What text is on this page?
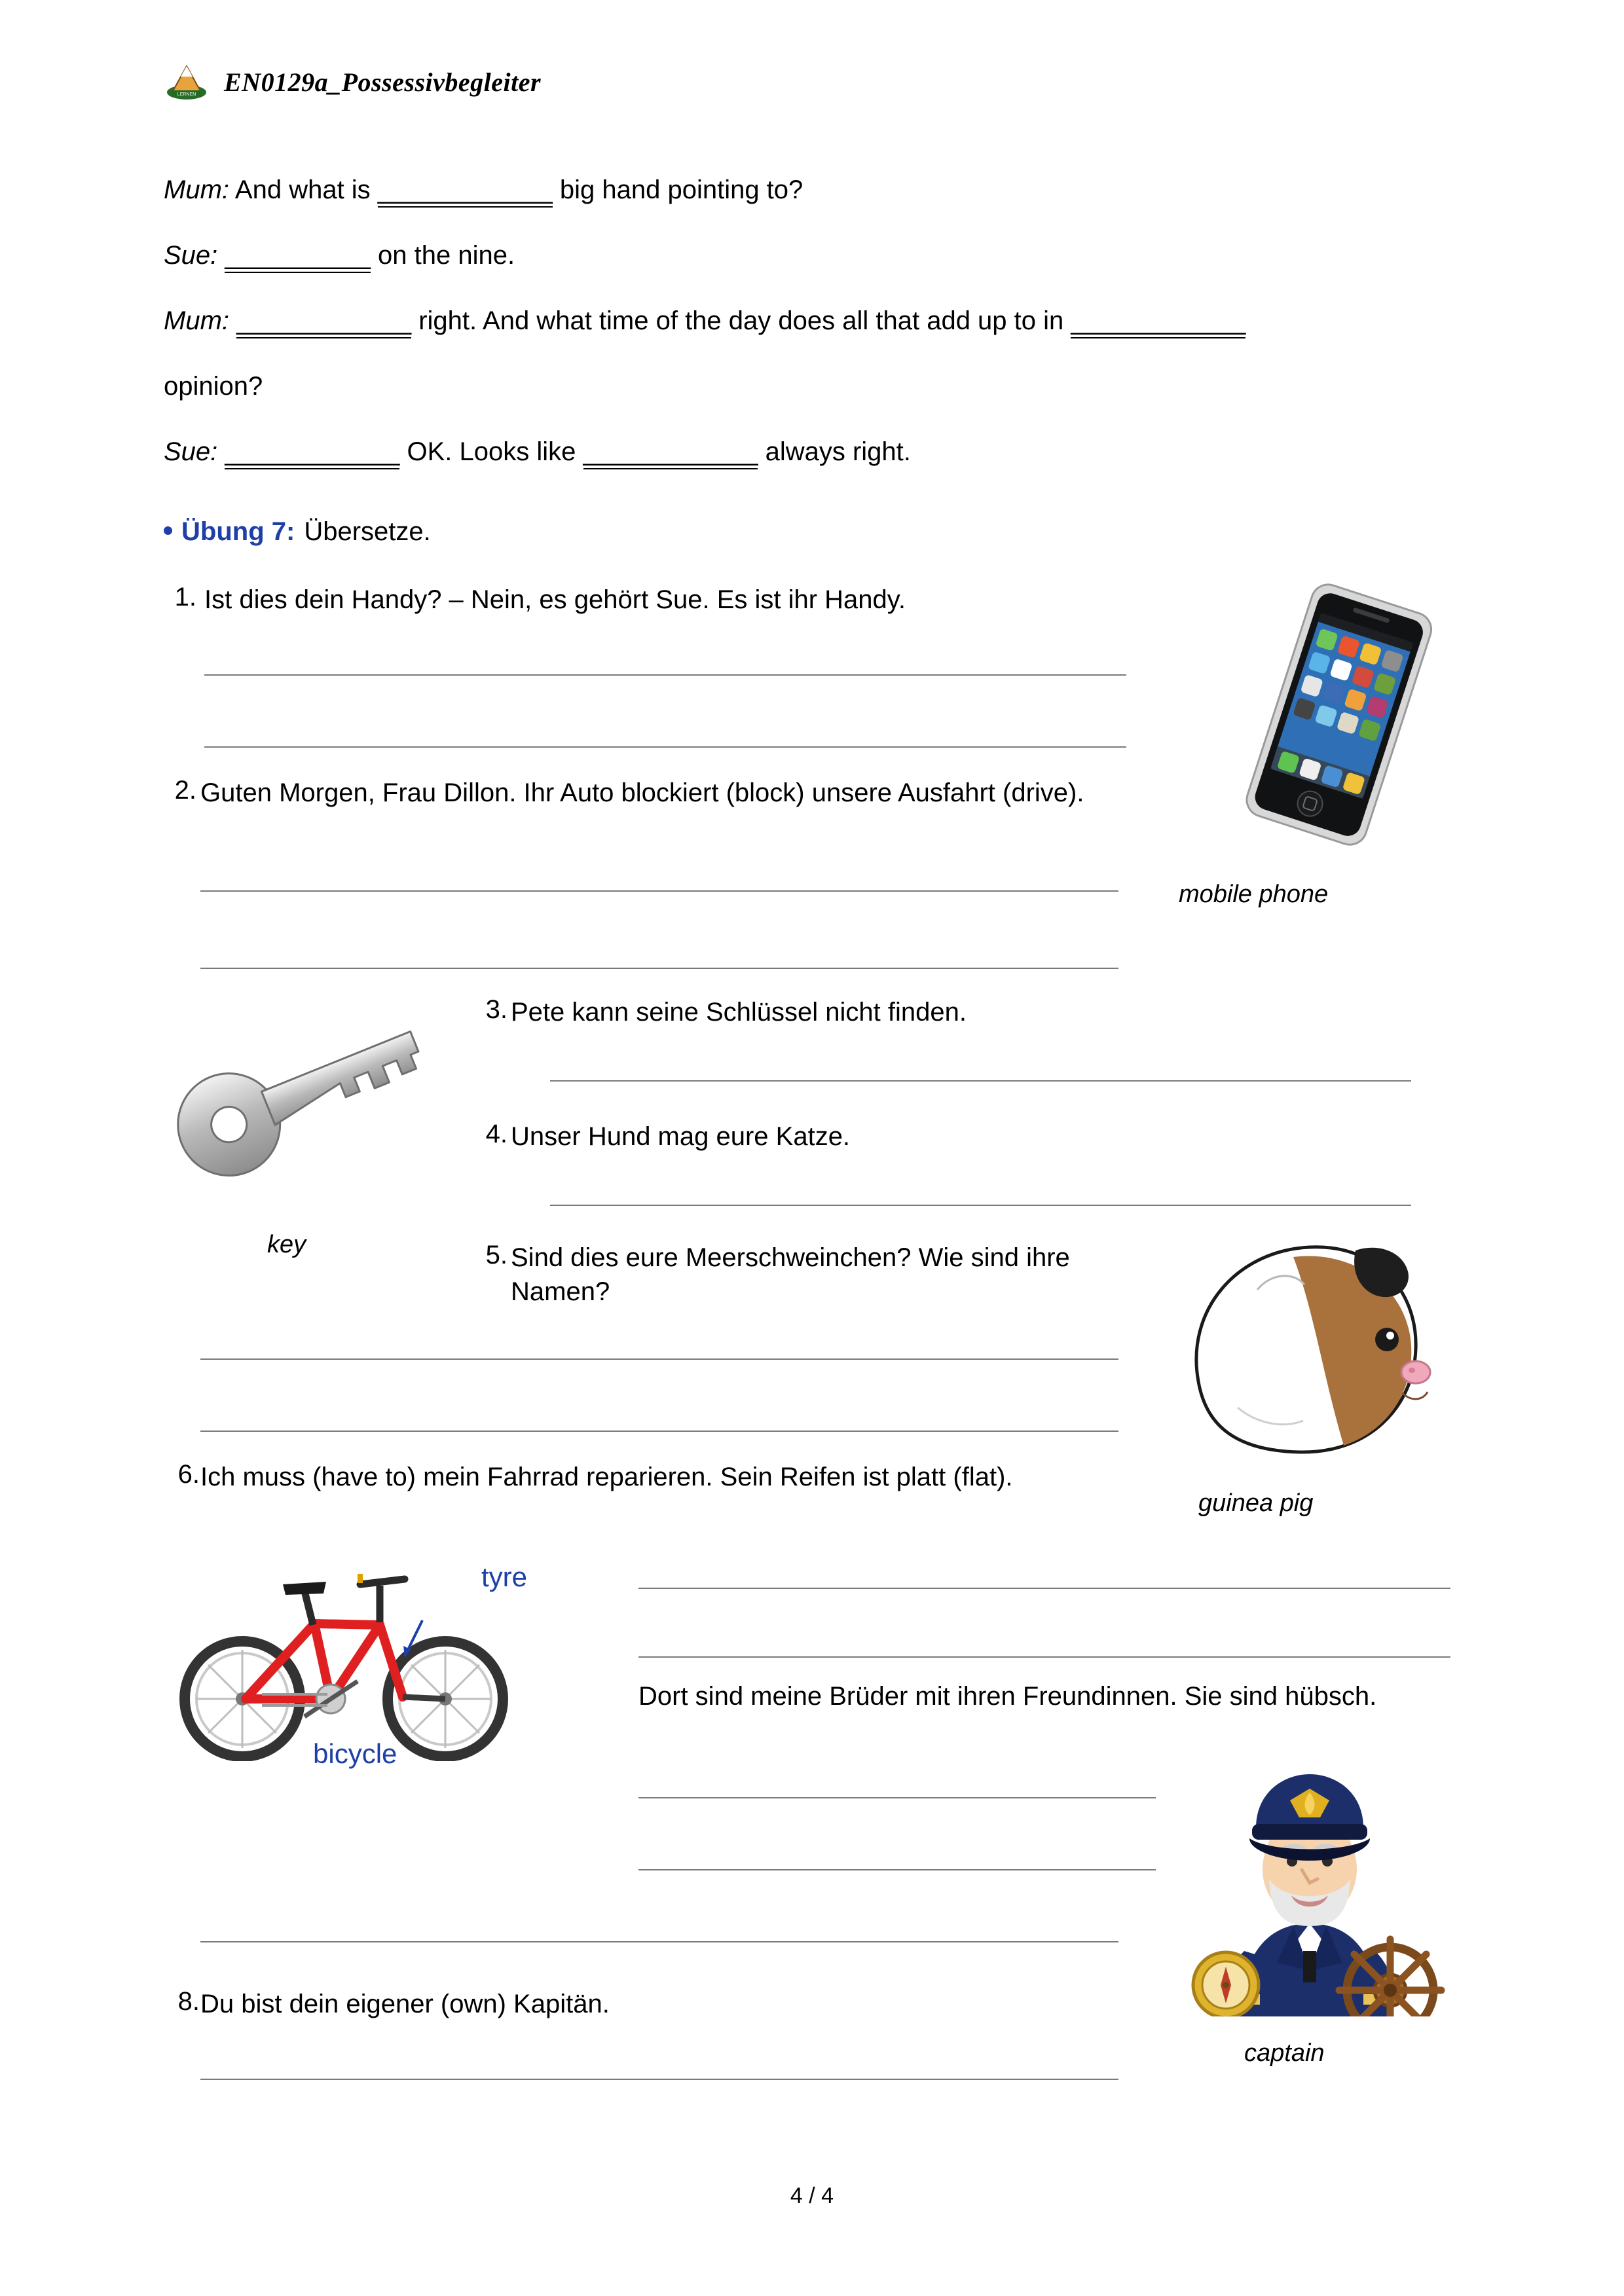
LERNEN EN0129a_Possessivbegleiter
Mum: And what is ____________ big hand pointing to?
Sue: __________ on the nine.
Mum: ____________ right. And what time of the day does all that add up to in ____________
opinion?
Sue: ____________ OK. Looks like ____________ always right.
Übung 7: Übersetze.
1. Ist dies dein Handy? – Nein, es gehört Sue. Es ist ihr Handy.
2. Guten Morgen, Frau Dillon. Ihr Auto blockiert (block) unsere Ausfahrt (drive).
mobile phone
key
3. Pete kann seine Schlüssel nicht finden.
4. Unser Hund mag eure Katze.
5. Sind dies eure Meerschweinchen? Wie sind ihre Namen?
guinea pig
6. Ich muss (have to) mein Fahrrad reparieren. Sein Reifen ist platt (flat).
tyre
bicycle
Dort sind meine Brüder mit ihren Freundinnen. Sie sind hübsch.
captain
8. Du bist dein eigener (own) Kapitän.
4 / 4
